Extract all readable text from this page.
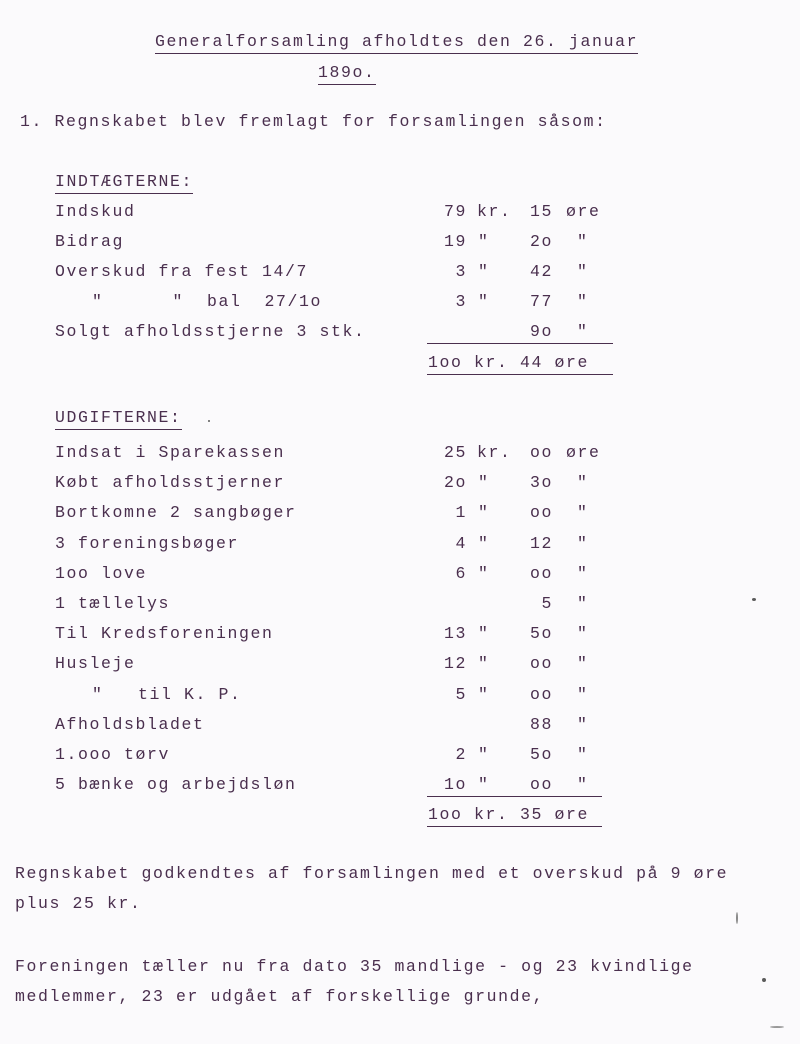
Generalforsamling afholdtes den 26. januar
189o.
1. Regnskabet blev fremlagt for forsamlingen såsom:
INDTÆGTERNE:
Indskud	79 kr. 15 øre
Bidrag	19 " 2o "
Overskud fra fest 14/7	3 " 42 "
"      "  bal  27/1o	3 " 77 "
Solgt afholdsstjerne 3 stk.	9o "
1oo kr. 44 øre
UDGIFTERNE:
Indsat i Sparekassen	25 kr. oo øre
Købt afholdsstjerner	2o " 3o "
Bortkomne 2 sangbøger	1 " oo "
3 foreningsbøger	4 " 12 "
1oo love	6 " oo "
1 tællelys	5 "
Til Kredsforeningen	13 " 5o "
Husleje	12 " oo "
"   til K. P.	5 " oo "
Afholdsbladet	88 "
1.ooo tørv	2 " 5o "
5 bænke og arbejdsløn	1o " oo "
1oo kr. 35 øre
Regnskabet godkendtes af forsamlingen med et overskud på 9 øre
plus 25 kr.
Foreningen tæller nu fra dato 35 mandlige - og 23 kvindlige
medlemmer, 23 er udgået af forskellige grunde,
